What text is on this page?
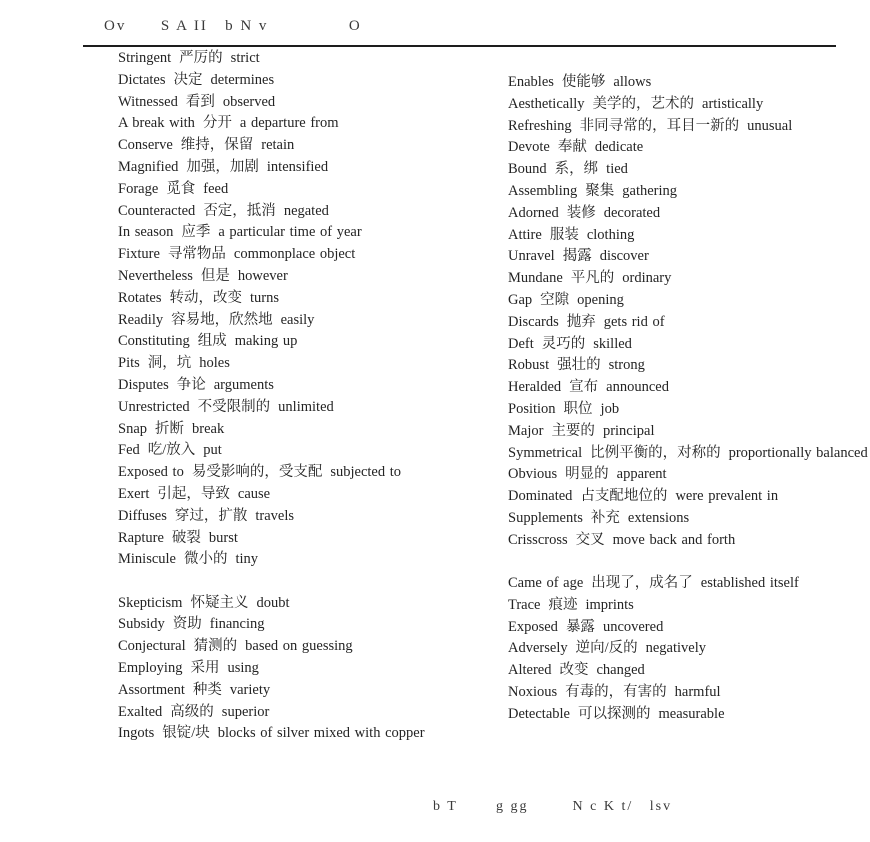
Ov      S A II   b N v              O

Stringent 严厉的 strict

Dictates 决定 determines

Witnessed 看到 observed

A break with 分开 a departure from

Conserve 维持，保留 retain

Magnified 加强，加剧 intensified

Forage 觅食 feed

Counteracted 否定，抵消 negated

In season 应季 a particular time of year

Fixture 寻常物品 commonplace object

Nevertheless 但是 however

Rotates 转动，改变 turns

Readily 容易地，欣然地 easily

Constituting 组成 making up

Pits 洞，坑 holes

Disputes 争论 arguments

Unrestricted 不受限制的 unlimited

Snap 折断 break

Fed 吃/放入 put

Exposed to 易受影响的，受支配 subjected to

Exert 引起，导致 cause

Diffuses 穿过，扩散 travels

Rapture 破裂 burst

Miniscule 微小的 tiny

Skepticism 怀疑主义 doubt

Subsidy 资助 financing

Conjectural 猜测的 based on guessing

Employing 采用 using

Assortment 种类 variety

Exalted 高级的 superior

Ingots 银锭/块 blocks of silver mixed with copper

Enables 使能够 allows

Aesthetically 美学的，艺术的 artistically

Refreshing 非同寻常的，耳目一新的 unusual

Devote 奉献 dedicate

Bound 系，绑 tied

Assembling 聚集 gathering

Adorned 装修 decorated

Attire 服装 clothing

Unravel 揭露 discover

Mundane 平凡的 ordinary

Gap 空隙 opening

Discards 抛弃 gets rid of

Deft 灵巧的 skilled

Robust 强壮的 strong

Heralded 宣布 announced

Position 职位 job

Major 主要的 principal

Symmetrical 比例平衡的，对称的 proportionally balanced

Obvious 明显的 apparent

Dominated 占支配地位的 were prevalent in

Supplements 补充 extensions

Crisscross 交叉 move back and forth

Came of age 出现了，成名了 established itself

Trace 痕迹 imprints

Exposed 暴露 uncovered

Adversely 逆向/反的 negatively

Altered 改变 changed

Noxious 有毒的，有害的 harmful

Detectable 可以探测的 measurable

b T       g gg        N c K t/   lsv
